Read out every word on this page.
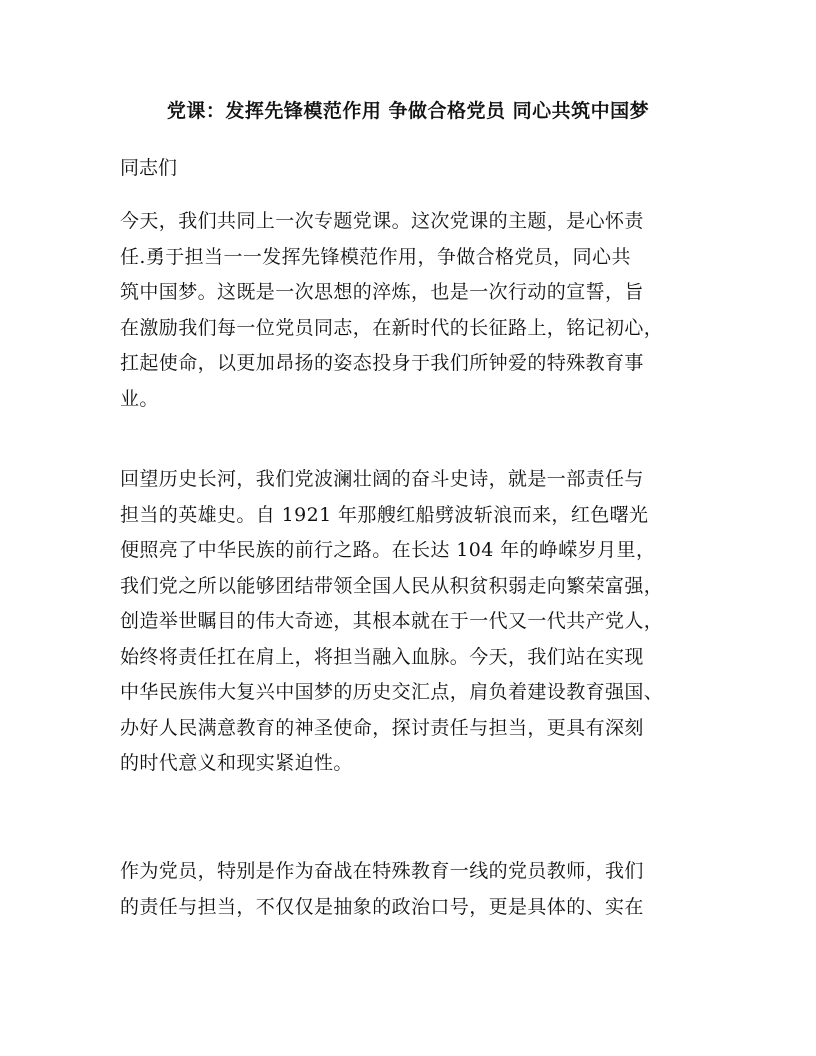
党课：发挥先锋模范作用 争做合格党员 同心共筑中国梦
同志们
今天，我们共同上一次专题党课。这次党课的主题，是心怀责
任.勇于担当一一发挥先锋模范作用，争做合格党员，同心共
筑中国梦。这既是一次思想的淬炼，也是一次行动的宣誓，旨
在激励我们每一位党员同志，在新时代的长征路上，铭记初心，
扛起使命，以更加昂扬的姿态投身于我们所钟爱的特殊教育事
业。
回望历史长河，我们党波澜壮阔的奋斗史诗，就是一部责任与
担当的英雄史。自 1921 年那艘红船劈波斩浪而来，红色曙光
便照亮了中华民族的前行之路。在长达 104 年的峥嵘岁月里，
我们党之所以能够团结带领全国人民从积贫积弱走向繁荣富强，
创造举世瞩目的伟大奇迹，其根本就在于一代又一代共产党人，
始终将责任扛在肩上，将担当融入血脉。今天，我们站在实现
中华民族伟大复兴中国梦的历史交汇点，肩负着建设教育强国、
办好人民满意教育的神圣使命，探讨责任与担当，更具有深刻
的时代意义和现实紧迫性。
作为党员，特别是作为奋战在特殊教育一线的党员教师，我们
的责任与担当，不仅仅是抽象的政治口号，更是具体的、实在
